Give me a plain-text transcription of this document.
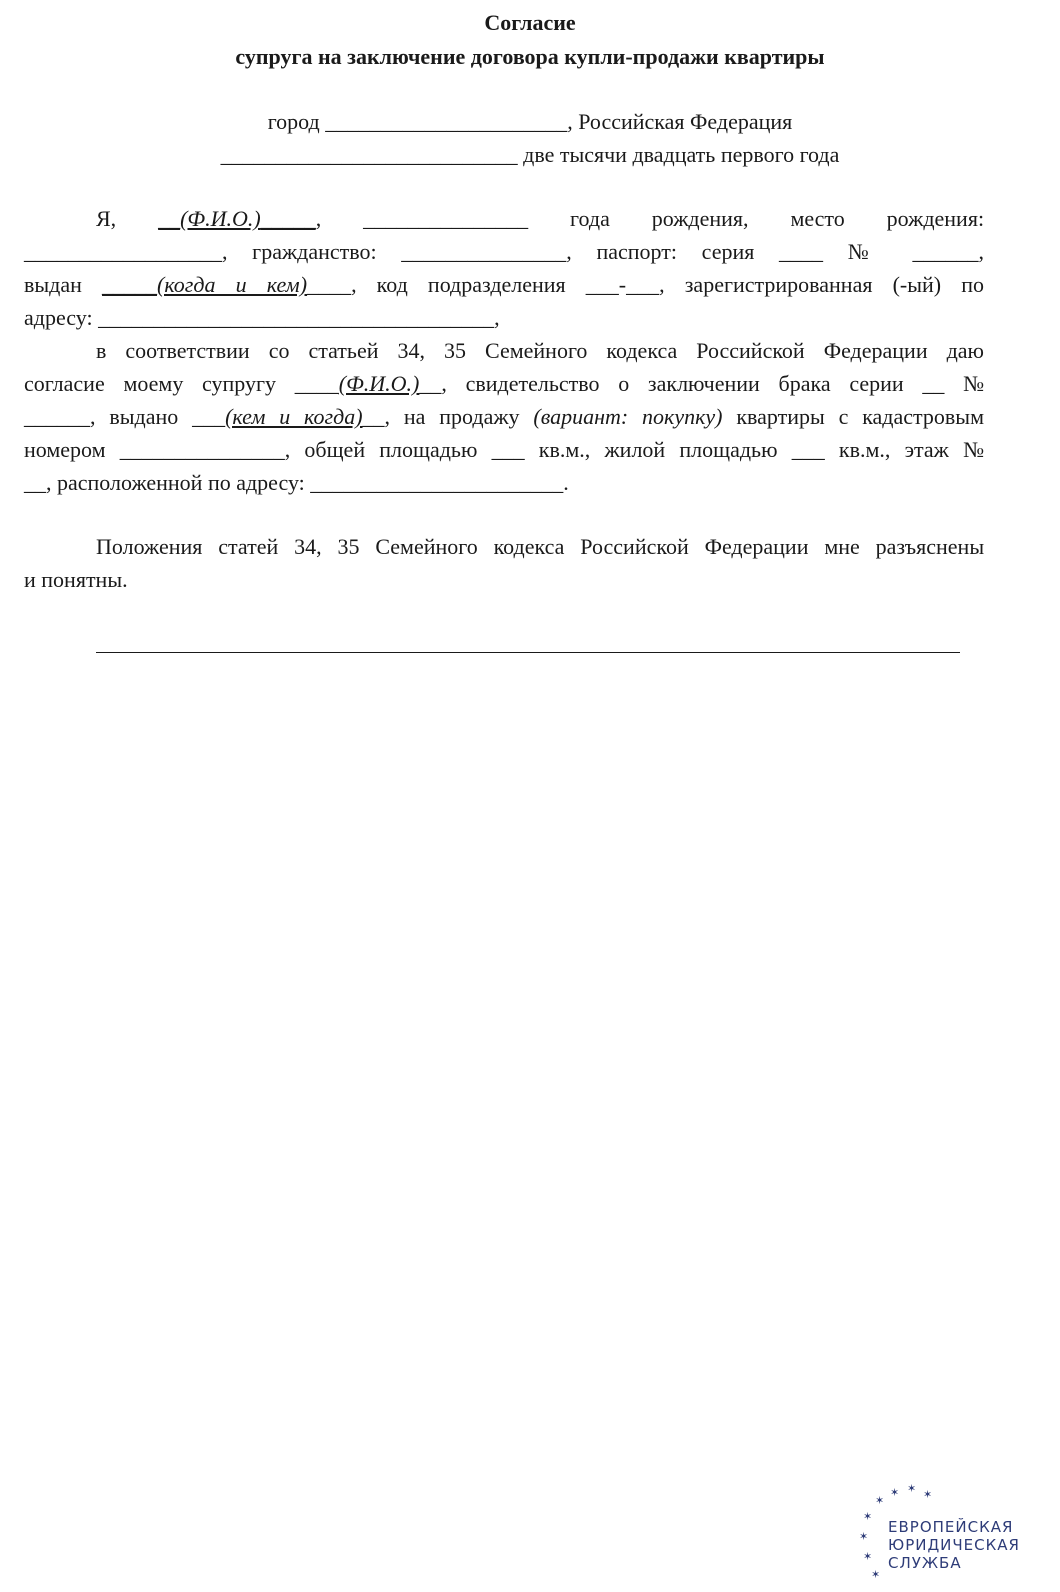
Согласие
супруга на заключение договора купли-продажи квартиры
город ______________________, Российская Федерация
___________________________ две тысячи двадцать первого года
Я, __(Ф.И.О.)_____, _______________ года рождения, место рождения:
__________________, гражданство: _______________, паспорт: серия ____ № ______,
выдан _____(когда и кем)____, код подразделения ___-___, зарегистрированная (-ый) по
адресу: ____________________________________,
в соответствии со статьей 34, 35 Семейного кодекса Российской Федерации даю
согласие моему супругу ____(Ф.И.О.)__, свидетельство о заключении брака серии __ №
______, выдано ___(кем и когда)__, на продажу (вариант: покупку) квартиры с кадастровым
номером _______________, общей площадью ___ кв.м., жилой площадью ___ кв.м., этаж №
__, расположенной по адресу: _______________________.
Положения статей 34, 35 Семейного кодекса Российской Федерации мне разъяснены
и понятны.
✶
✶ ✶ ✶
✶
✶
✶
✶
ЕВРОПЕЙСКАЯ
ЮРИДИЧЕСКАЯ
СЛУЖБА
